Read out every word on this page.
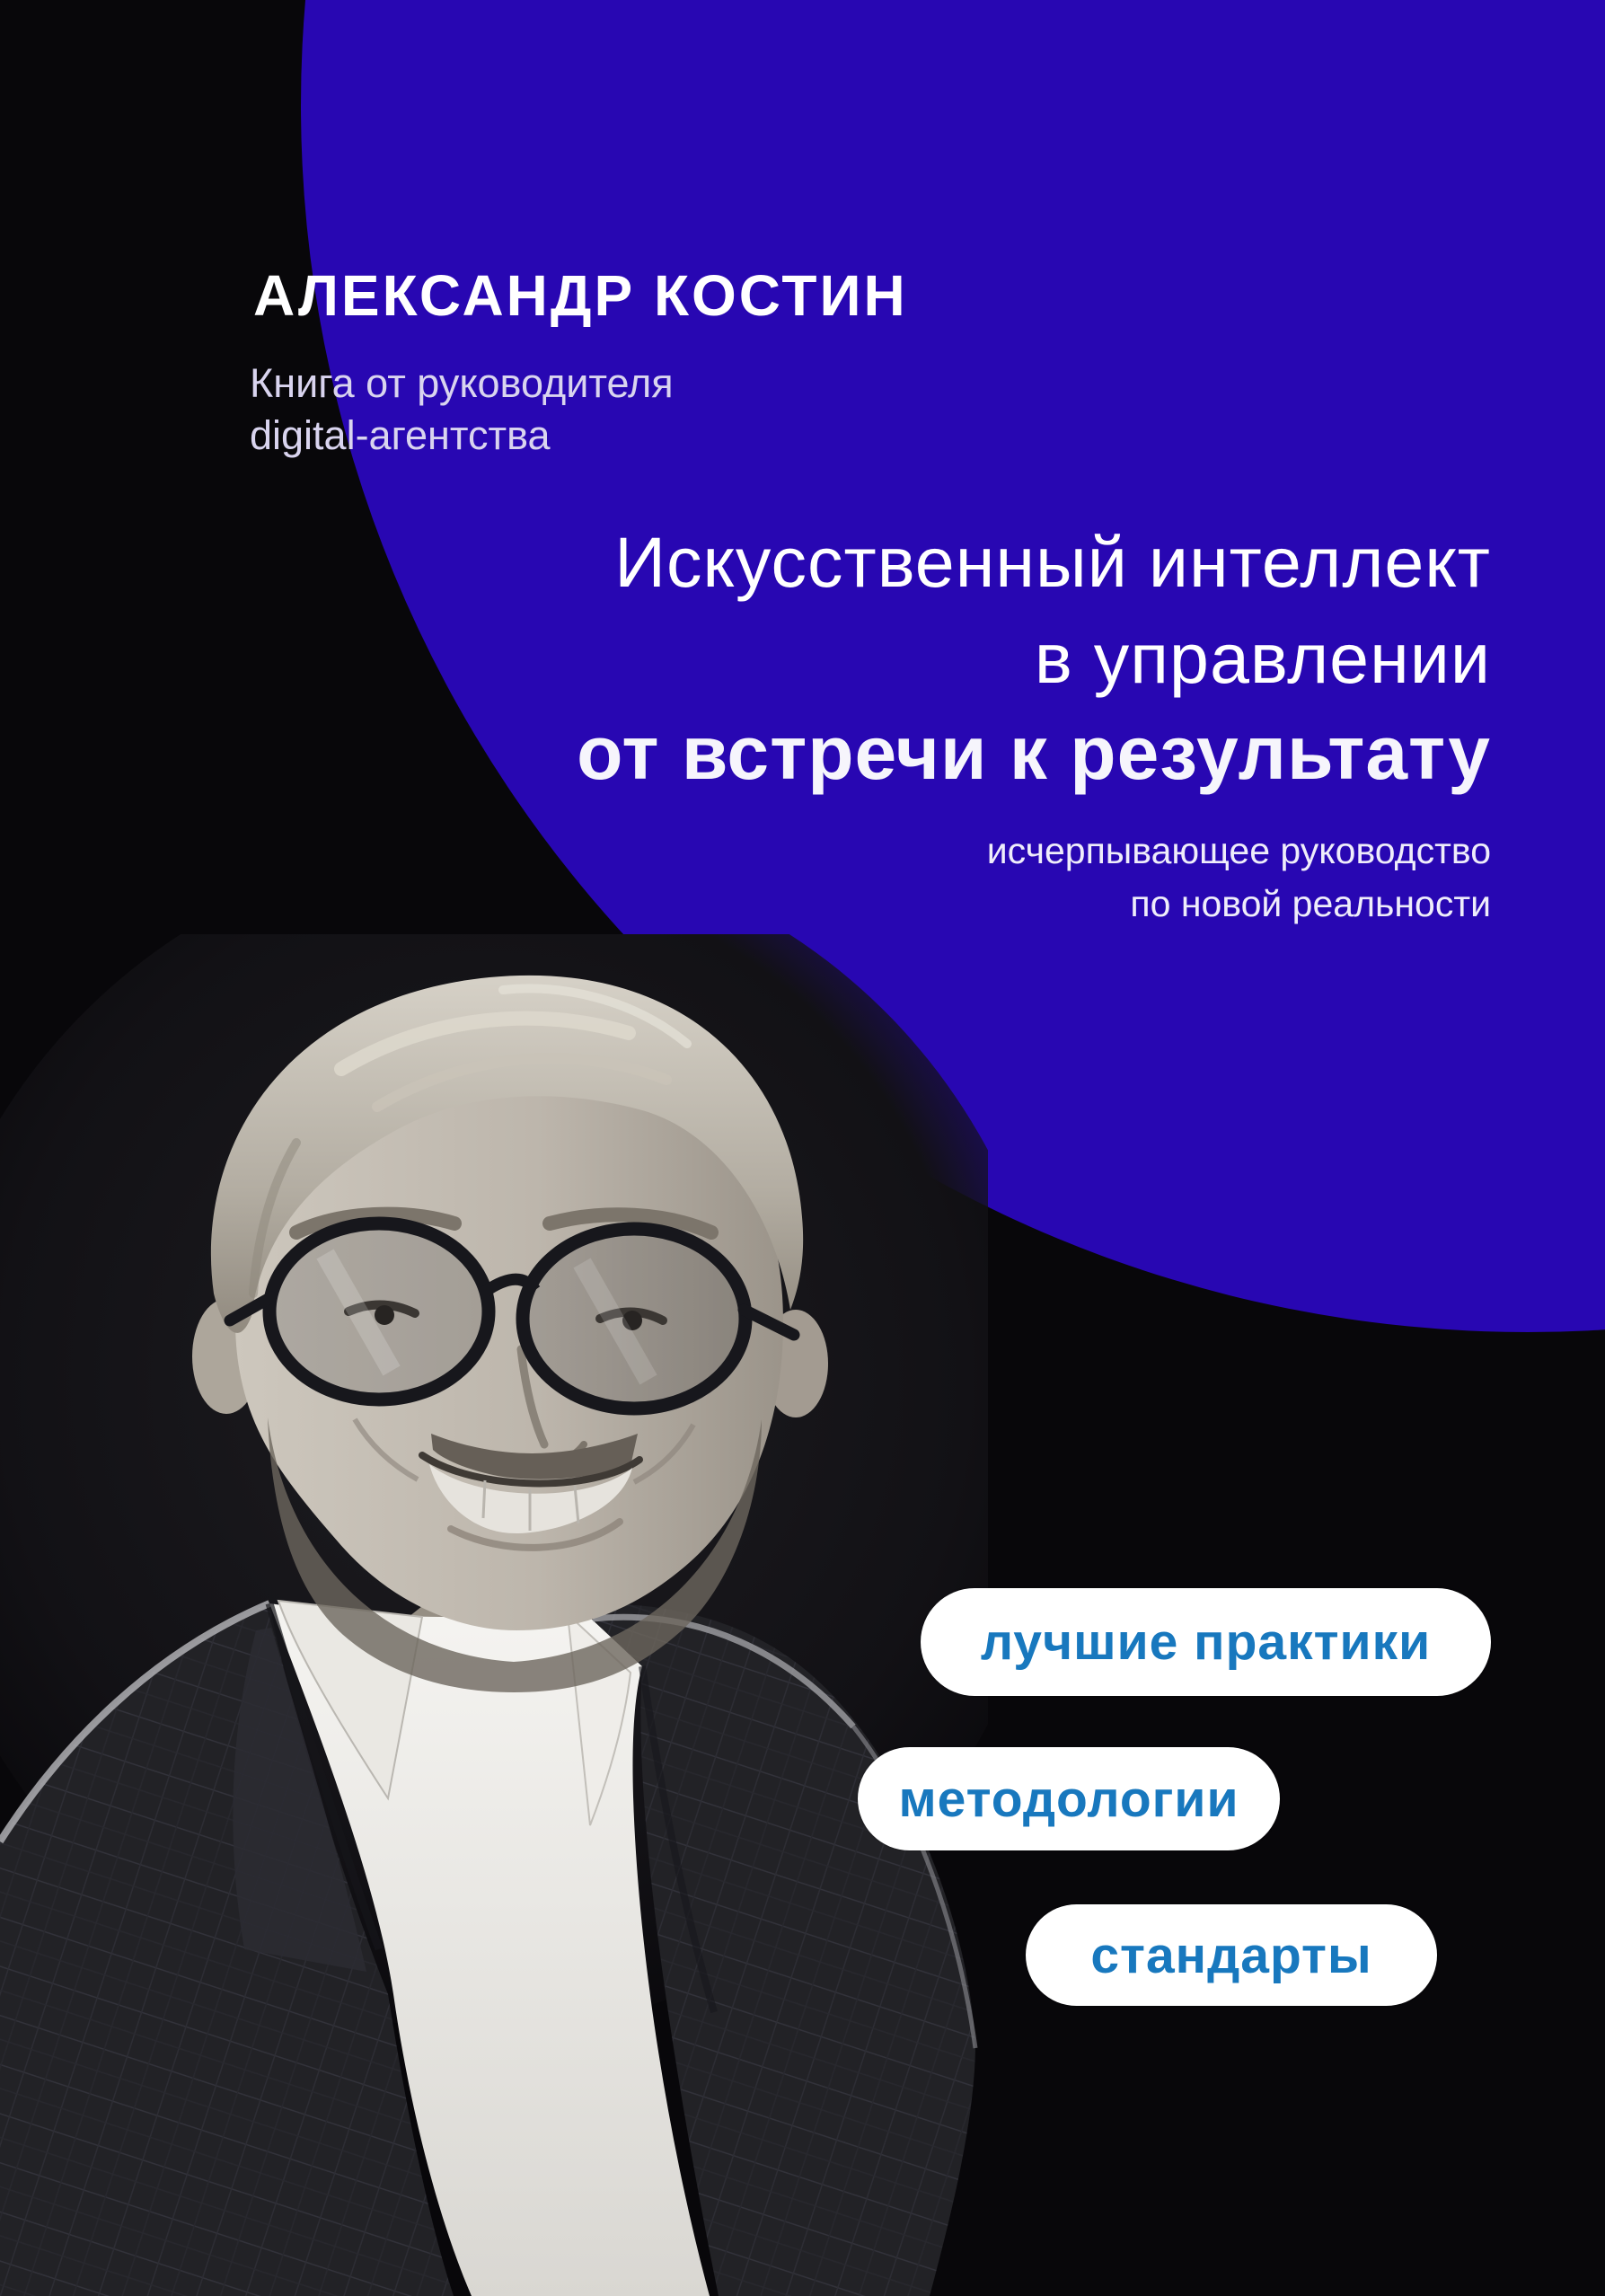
АЛЕКСАНДР КОСТИН
Книга от руководителя
digital-агентства
Искусственный интеллект
в управлении
от встречи к результату
исчерпывающее руководство
по новой реальности
лучшие практики
методологии
стандарты
